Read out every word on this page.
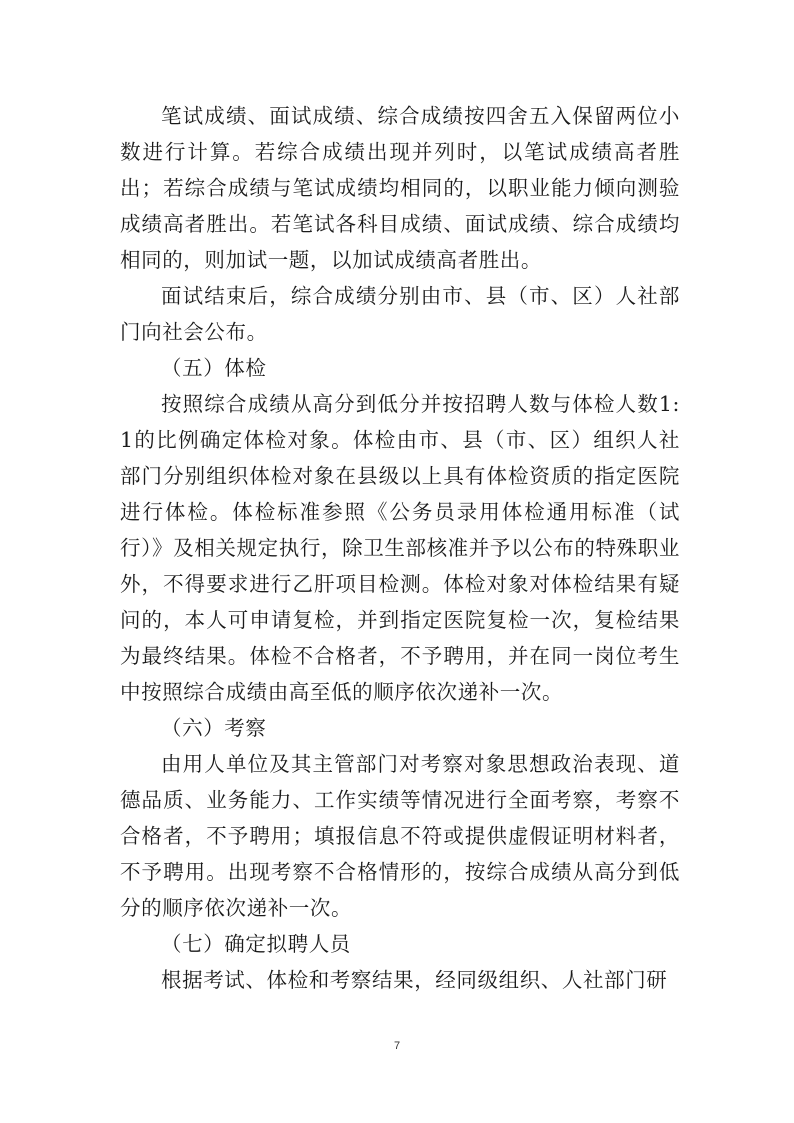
笔试成绩、面试成绩、综合成绩按四舍五入保留两位小数进行计算。若综合成绩出现并列时，以笔试成绩高者胜出；若综合成绩与笔试成绩均相同的，以职业能力倾向测验成绩高者胜出。若笔试各科目成绩、面试成绩、综合成绩均相同的，则加试一题，以加试成绩高者胜出。

面试结束后，综合成绩分别由市、县（市、区）人社部门向社会公布。

（五）体检

按照综合成绩从高分到低分并按招聘人数与体检人数1:1的比例确定体检对象。体检由市、县（市、区）组织人社部门分别组织体检对象在县级以上具有体检资质的指定医院进行体检。体检标准参照《公务员录用体检通用标准（试行）》及相关规定执行，除卫生部核准并予以公布的特殊职业外，不得要求进行乙肝项目检测。体检对象对体检结果有疑问的，本人可申请复检，并到指定医院复检一次，复检结果为最终结果。体检不合格者，不予聘用，并在同一岗位考生中按照综合成绩由高至低的顺序依次递补一次。

（六）考察

由用人单位及其主管部门对考察对象思想政治表现、道德品质、业务能力、工作实绩等情况进行全面考察，考察不合格者，不予聘用；填报信息不符或提供虚假证明材料者，不予聘用。出现考察不合格情形的，按综合成绩从高分到低分的顺序依次递补一次。

（七）确定拟聘人员

根据考试、体检和考察结果，经同级组织、人社部门研

7
